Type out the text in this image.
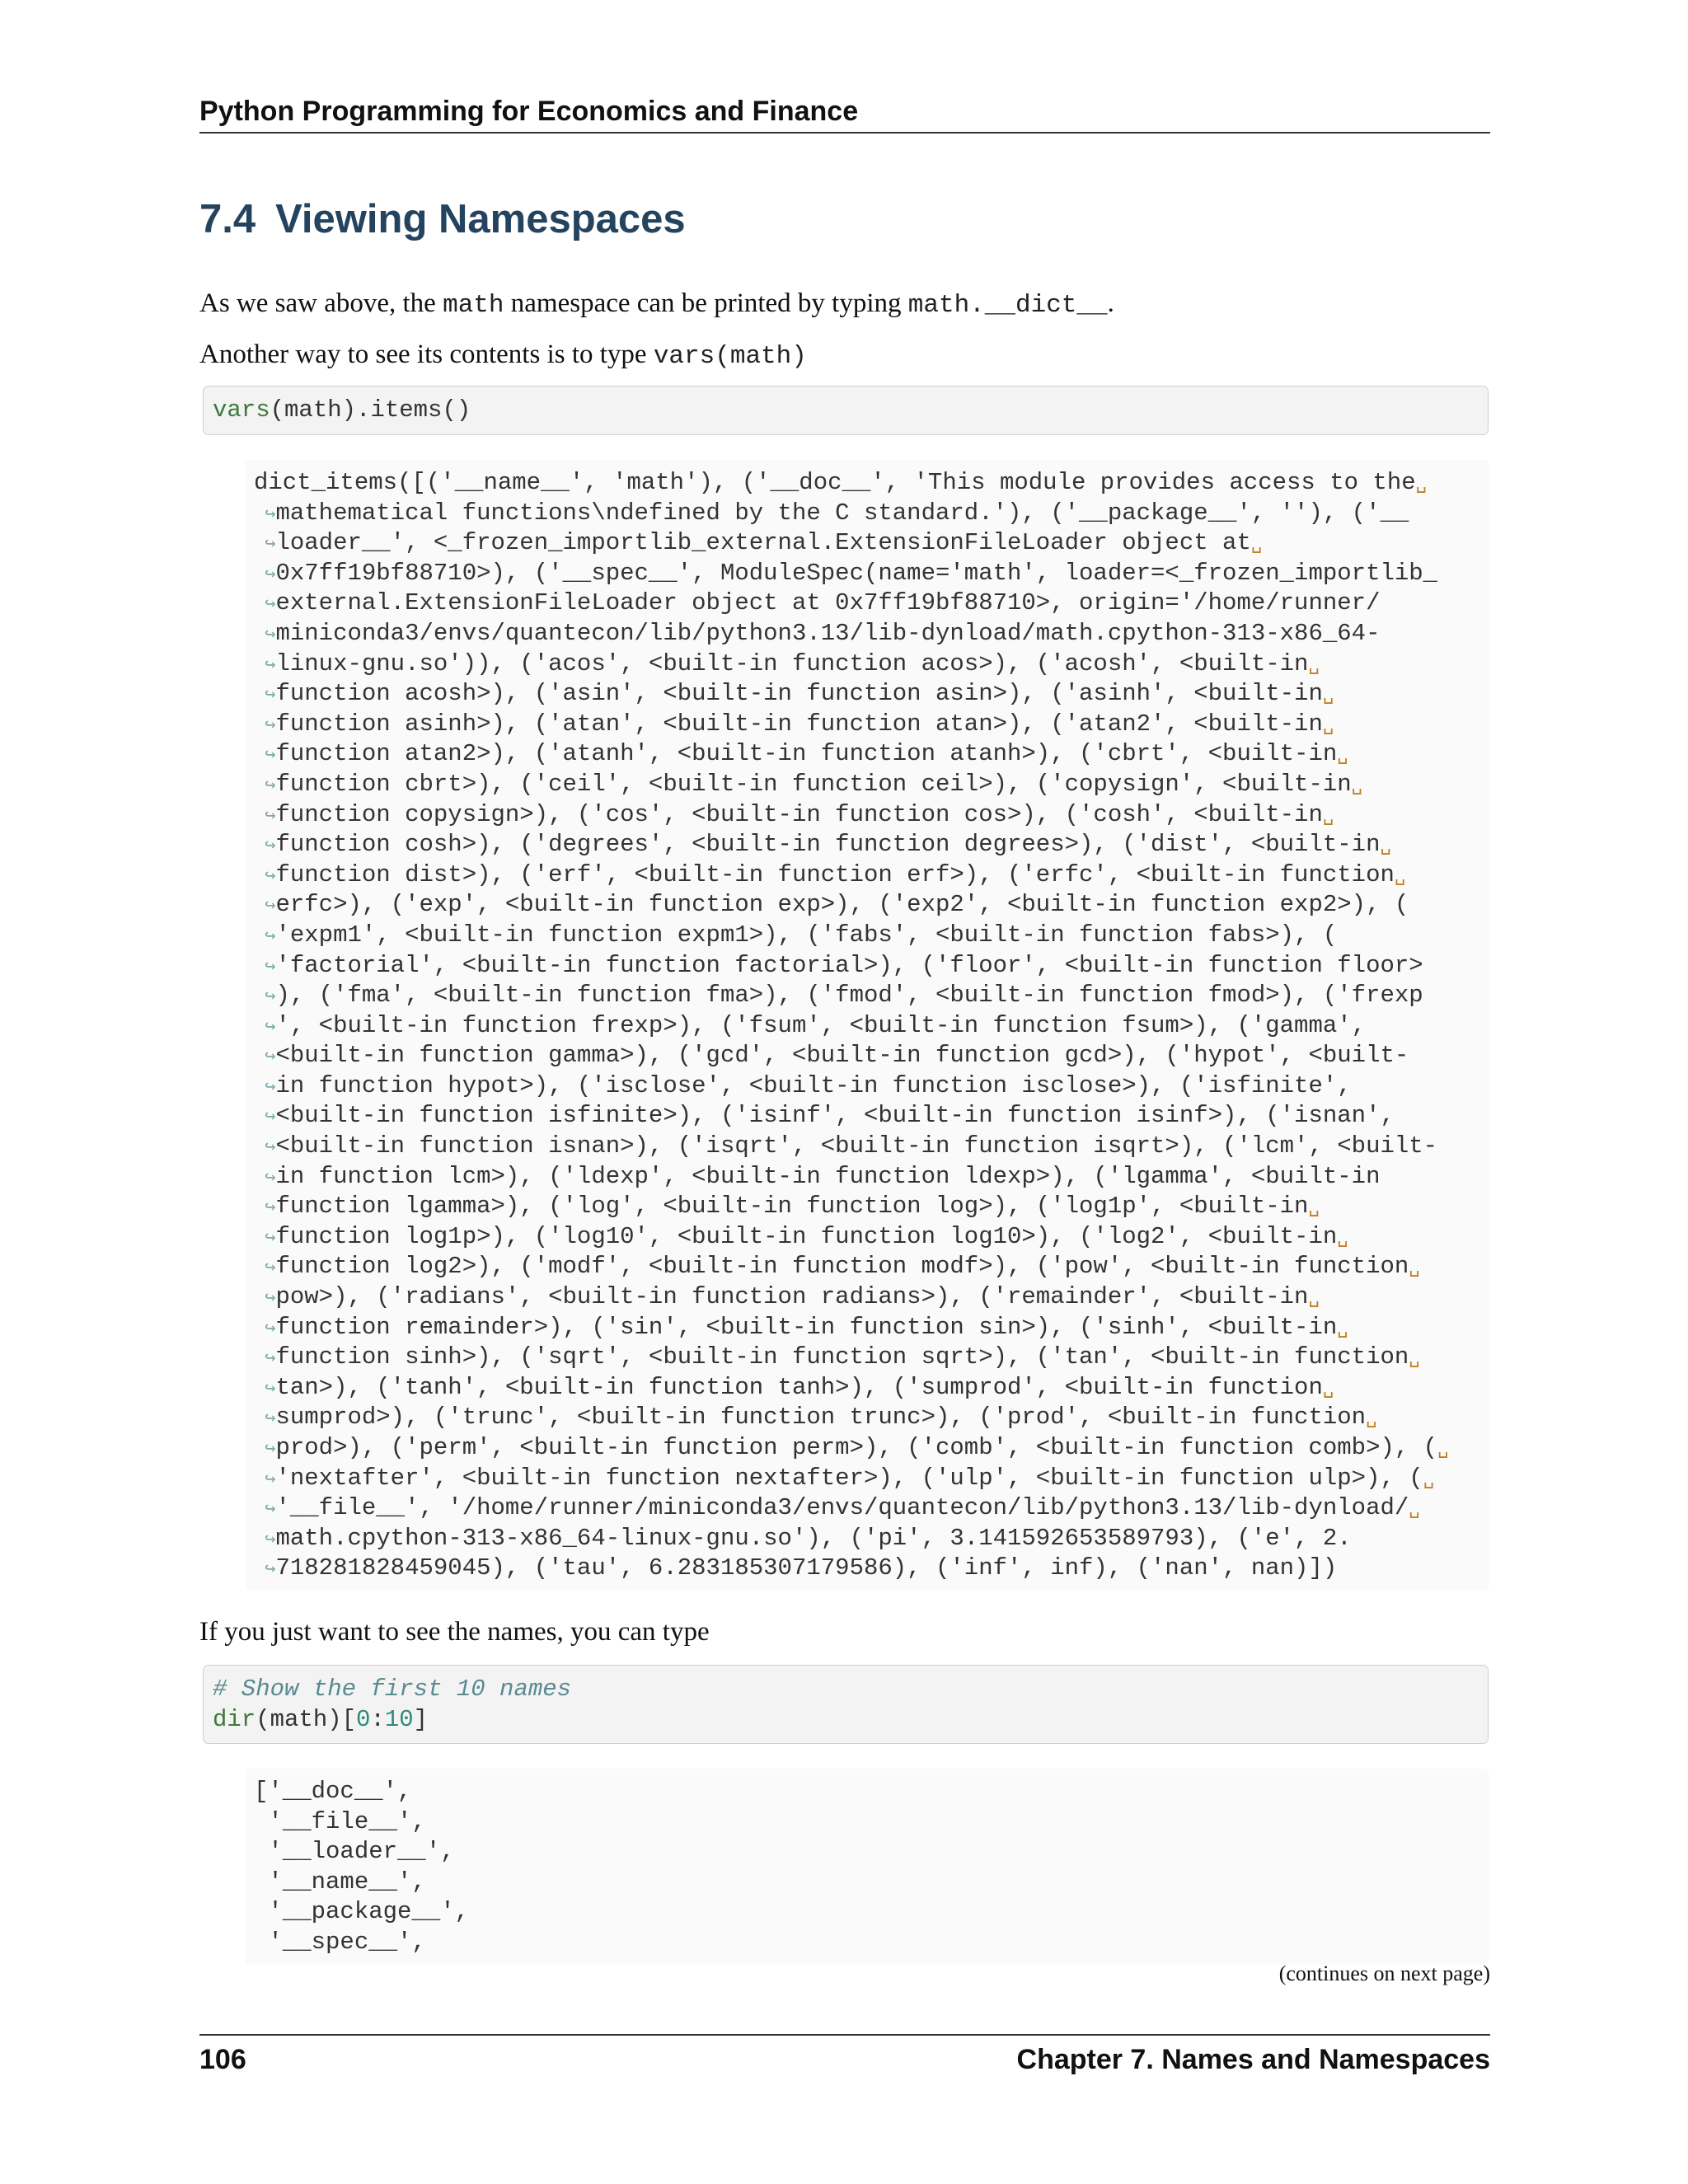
Python Programming for Economics and Finance
7.4 Viewing Namespaces

As we saw above, the math namespace can be printed by typing math.__dict__.

Another way to see its contents is to type vars(math)

vars(math).items()
dict_items([('__name__', 'math'), ('__doc__', 'This module provides access to the␣
↪mathematical functions\ndefined by the C standard.'), ('__package__', ''), ('__
↪loader__', <_frozen_importlib_external.ExtensionFileLoader object at␣
↪0x7ff19bf88710>), ('__spec__', ModuleSpec(name='math', loader=<_frozen_importlib_
↪external.ExtensionFileLoader object at 0x7ff19bf88710>, origin='/home/runner/
↪miniconda3/envs/quantecon/lib/python3.13/lib-dynload/math.cpython-313-x86_64-
↪linux-gnu.so')), ('acos', <built-in function acos>), ('acosh', <built-in␣
↪function acosh>), ('asin', <built-in function asin>), ('asinh', <built-in␣
↪function asinh>), ('atan', <built-in function atan>), ('atan2', <built-in␣
↪function atan2>), ('atanh', <built-in function atanh>), ('cbrt', <built-in␣
↪function cbrt>), ('ceil', <built-in function ceil>), ('copysign', <built-in␣
↪function copysign>), ('cos', <built-in function cos>), ('cosh', <built-in␣
↪function cosh>), ('degrees', <built-in function degrees>), ('dist', <built-in␣
↪function dist>), ('erf', <built-in function erf>), ('erfc', <built-in function␣
↪erfc>), ('exp', <built-in function exp>), ('exp2', <built-in function exp2>), (
↪'expm1', <built-in function expm1>), ('fabs', <built-in function fabs>), (
↪'factorial', <built-in function factorial>), ('floor', <built-in function floor>
↪), ('fma', <built-in function fma>), ('fmod', <built-in function fmod>), ('frexp
↪', <built-in function frexp>), ('fsum', <built-in function fsum>), ('gamma',
↪<built-in function gamma>), ('gcd', <built-in function gcd>), ('hypot', <built-
↪in function hypot>), ('isclose', <built-in function isclose>), ('isfinite',
↪<built-in function isfinite>), ('isinf', <built-in function isinf>), ('isnan',
↪<built-in function isnan>), ('isqrt', <built-in function isqrt>), ('lcm', <built-
↪in function lcm>), ('ldexp', <built-in function ldexp>), ('lgamma', <built-in
↪function lgamma>), ('log', <built-in function log>), ('log1p', <built-in␣
↪function log1p>), ('log10', <built-in function log10>), ('log2', <built-in␣
↪function log2>), ('modf', <built-in function modf>), ('pow', <built-in function␣
↪pow>), ('radians', <built-in function radians>), ('remainder', <built-in␣
↪function remainder>), ('sin', <built-in function sin>), ('sinh', <built-in␣
↪function sinh>), ('sqrt', <built-in function sqrt>), ('tan', <built-in function␣
↪tan>), ('tanh', <built-in function tanh>), ('sumprod', <built-in function␣
↪sumprod>), ('trunc', <built-in function trunc>), ('prod', <built-in function␣
↪prod>), ('perm', <built-in function perm>), ('comb', <built-in function comb>), (␣
↪'nextafter', <built-in function nextafter>), ('ulp', <built-in function ulp>), (␣
↪'__file__', '/home/runner/miniconda3/envs/quantecon/lib/python3.13/lib-dynload/␣
↪math.cpython-313-x86_64-linux-gnu.so'), ('pi', 3.141592653589793), ('e', 2.
↪718281828459045), ('tau', 6.283185307179586), ('inf', inf), ('nan', nan)])

If you just want to see the names, you can type

# Show the first 10 names
dir(math)[0:10]
['__doc__',
'__file__',
'__loader__',
'__name__',
'__package__',
'__spec__',
(continues on next page)
106	Chapter 7. Names and Namespaces
